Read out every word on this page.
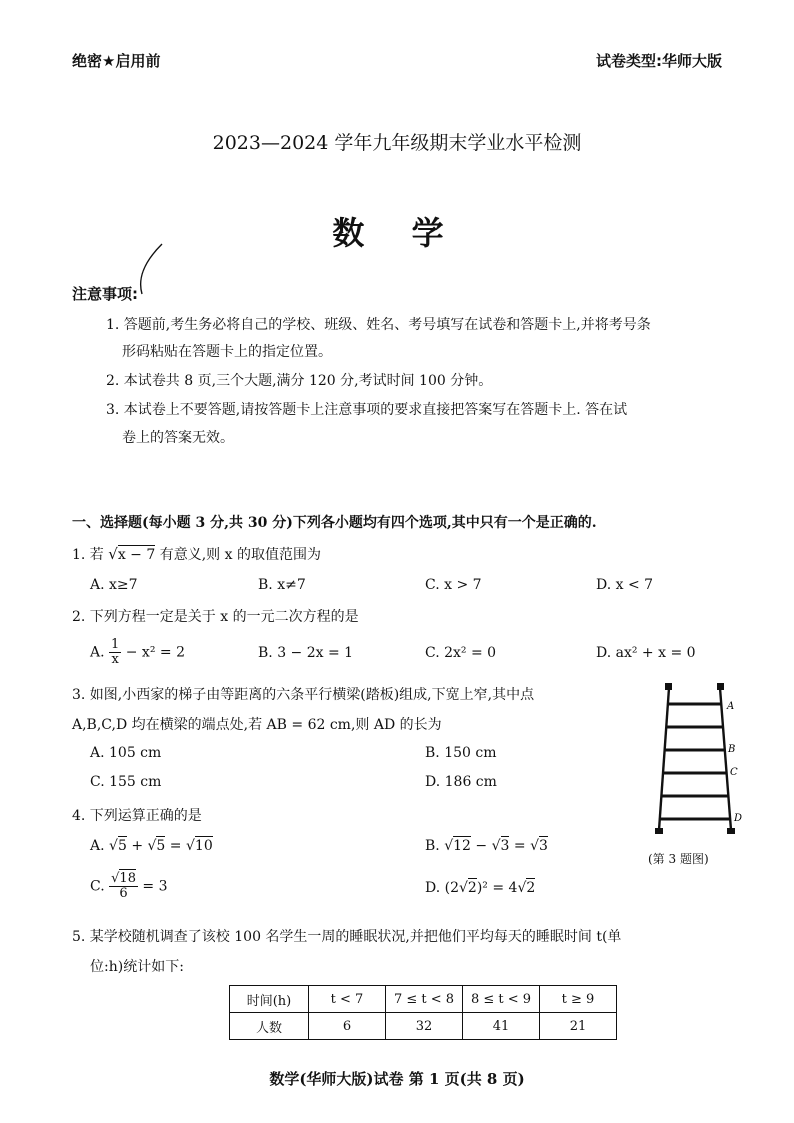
绝密★启用前	试卷类型:华师大版
2023—2024 学年九年级期末学业水平检测
数 学
注意事项:
1. 答题前,考生务必将自己的学校、班级、姓名、考号填写在试卷和答题卡上,并将考号条
形码粘贴在答题卡上的指定位置。
2. 本试卷共 8 页,三个大题,满分 120 分,考试时间 100 分钟。
3. 本试卷上不要答题,请按答题卡上注意事项的要求直接把答案写在答题卡上. 答在试
卷上的答案无效。
一、选择题(每小题 3 分,共 30 分)下列各小题均有四个选项,其中只有一个是正确的.
1. 若 √x − 7 有意义,则 x 的取值范围为
A. x≥7	B. x≠7	C. x > 7	D. x < 7
2. 下列方程一定是关于 x 的一元二次方程的是
A. $\frac{1}{x} - x^2 = 2$	B. 3 − 2x = 1	C. 2x² = 0	D. ax² + x = 0
3. 如图,小西家的梯子由等距离的六条平行横梁(踏板)组成,下宽上窄,其中点
A,B,C,D 均在横梁的端点处,若 AB = 62 cm,则 AD 的长为
A. 105 cm	B. 150 cm
C. 155 cm	D. 186 cm
A
B
C
D
(第 3 题图)
4. 下列运算正确的是
A. √5 + √5 = √10	B. √12 − √3 = √3
C. $\frac{√18}{6} = 3$	D. (2√2)² = 4√2
5. 某学校随机调查了该校 100 名学生一周的睡眠状况,并把他们平均每天的睡眠时间 t(单
位:h)统计如下:
时间(h)	t < 7	7 ≤ t < 8	8 ≤ t < 9	t ≥ 9
人数	6	32	41	21
数学(华师大版)试卷 第 1 页(共 8 页)
